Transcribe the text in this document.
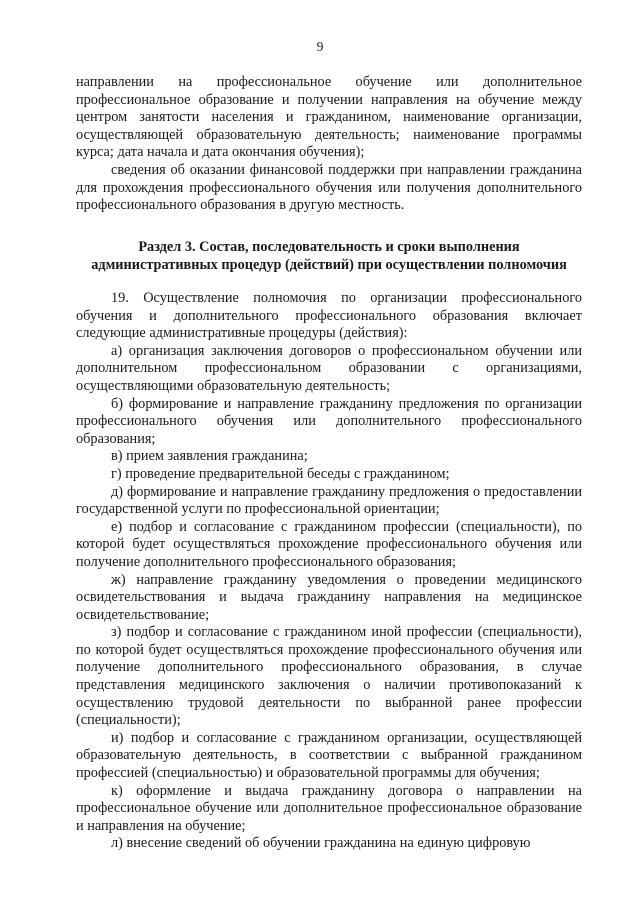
9

направлении на профессиональное обучение или дополнительное профессиональное образование и получении направления на обучение между центром занятости населения и гражданином, наименование организации, осуществляющей образовательную деятельность; наименование программы курса; дата начала и дата окончания обучения);

сведения об оказании финансовой поддержки при направлении гражданина для прохождения профессионального обучения или получения дополнительного профессионального образования в другую местность.

Раздел 3. Состав, последовательность и сроки выполнения
административных процедур (действий) при осуществлении полномочия

19. Осуществление полномочия по организации профессионального обучения и дополнительного профессионального образования включает следующие административные процедуры (действия):

а) организация заключения договоров о профессиональном обучении или дополнительном профессиональном образовании с организациями, осуществляющими образовательную деятельность;

б) формирование и направление гражданину предложения по организации профессионального обучения или дополнительного профессионального образования;

в) прием заявления гражданина;

г) проведение предварительной беседы с гражданином;

д) формирование и направление гражданину предложения о предоставлении государственной услуги по профессиональной ориентации;

е) подбор и согласование с гражданином профессии (специальности), по которой будет осуществляться прохождение профессионального обучения или получение дополнительного профессионального образования;

ж) направление гражданину уведомления о проведении медицинского освидетельствования и выдача гражданину направления на медицинское освидетельствование;

з) подбор и согласование с гражданином иной профессии (специальности), по которой будет осуществляться прохождение профессионального обучения или получение дополнительного профессионального образования, в случае представления медицинского заключения о наличии противопоказаний к осуществлению трудовой деятельности по выбранной ранее профессии (специальности);

и) подбор и согласование с гражданином организации, осуществляющей образовательную деятельность, в соответствии с выбранной гражданином профессией (специальностью) и образовательной программы для обучения;

к) оформление и выдача гражданину договора о направлении на профессиональное обучение или дополнительное профессиональное образование и направления на обучение;

л) внесение сведений об обучении гражданина на единую цифровую
